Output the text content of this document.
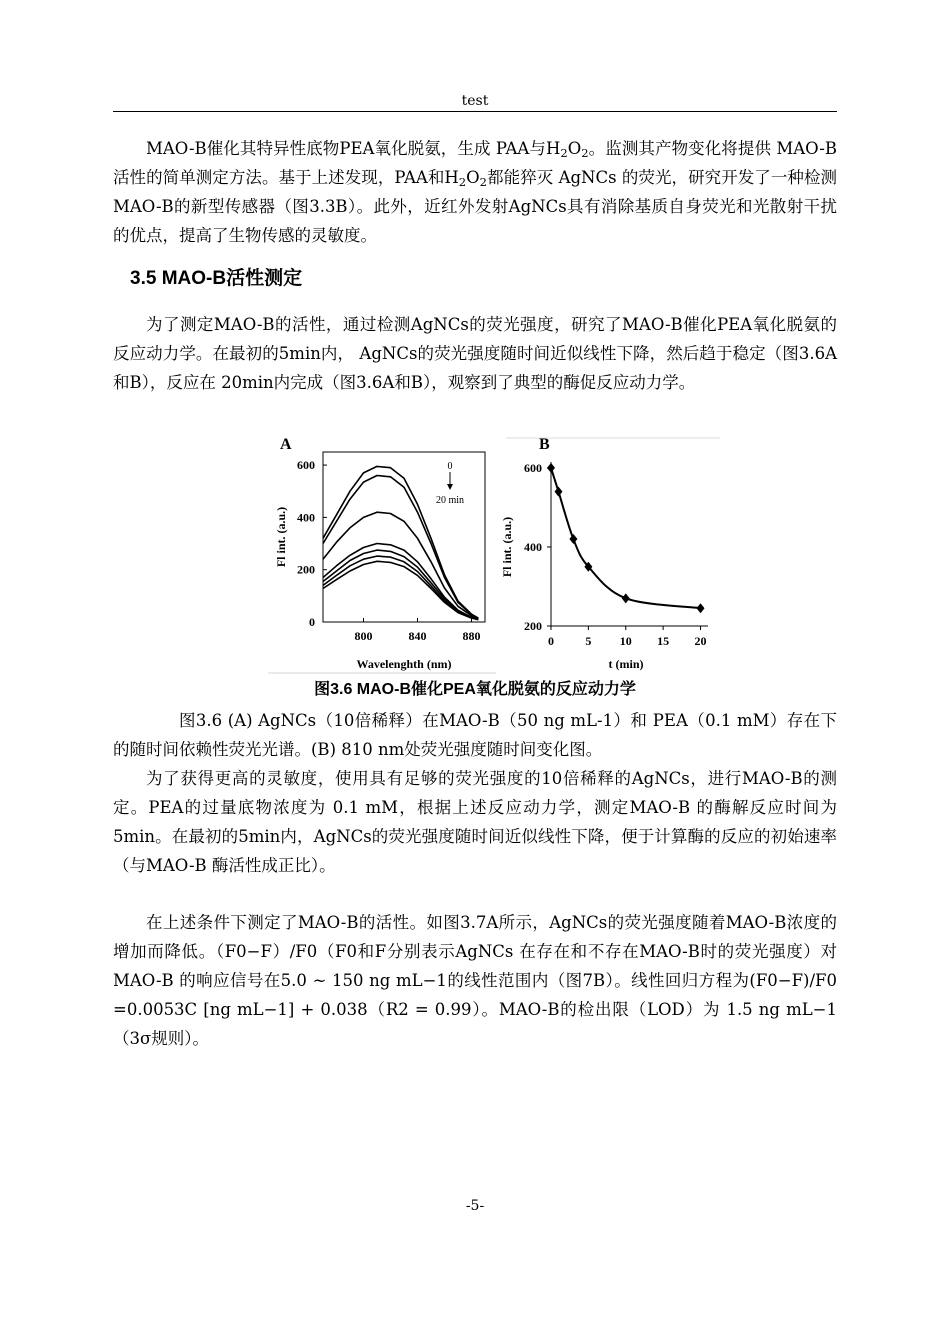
test

MAO-B催化其特异性底物PEA氧化脱氨，生成 PAA与$H_2O_2$。监测其产物变化将提供 MAO-B活性的简单测定方法。基于上述发现，PAA和$H_2O_2$都能猝灭 AgNCs 的荧光，研究开发了一种检测 MAO-B的新型传感器（图3.3B）。此外，近红外发射AgNCs具有消除基质自身荧光和光散射干扰的优点，提高了生物传感的灵敏度。

3.5 MAO-B活性测定

为了测定MAO-B的活性，通过检测AgNCs的荧光强度，研究了MAO-B催化PEA氧化脱氨的反应动力学。在最初的5min内， AgNCs的荧光强度随时间近似线性下降，然后趋于稳定（图3.6A和B），反应在 20min内完成（图3.6A和B），观察到了典型的酶促反应动力学。

A
800	840	880
0
200
400
600
Wavelenghth (nm)
Fl int. (a.u.)
0
20 min
B
0	5 10 15 20
200
400
600
t (min)
Fl int. (a.u.)
图3.6 MAO-B催化PEA氧化脱氨的反应动力学

图3.6 (A) AgNCs（10倍稀释）在MAO-B（50 ng mL-1）和 PEA（0.1 mM）存在下的随时间依赖性荧光光谱。(B) 810 nm处荧光强度随时间变化图。

为了获得更高的灵敏度，使用具有足够的荧光强度的10倍稀释的AgNCs，进行MAO-B的测定。PEA的过量底物浓度为 0.1 mM，根据上述反应动力学，测定MAO-B 的酶解反应时间为5min。在最初的5min内，AgNCs的荧光强度随时间近似线性下降，便于计算酶的反应的初始速率（与MAO-B 酶活性成正比）。

在上述条件下测定了MAO-B的活性。如图3.7A所示，AgNCs的荧光强度随着MAO-B浓度的增加而降低。（F0−F）/F0（F0和F分别表示AgNCs 在存在和不存在MAO-B时的荧光强度）对MAO-B 的响应信号在5.0 ~ 150 ng mL−1的线性范围内（图7B）。线性回归方程为(F0−F)/F0 =0.0053C [ng mL−1] + 0.038（R2 = 0.99）。MAO-B的检出限（LOD）为 1.5 ng mL−1（3σ规则）。

-5-
